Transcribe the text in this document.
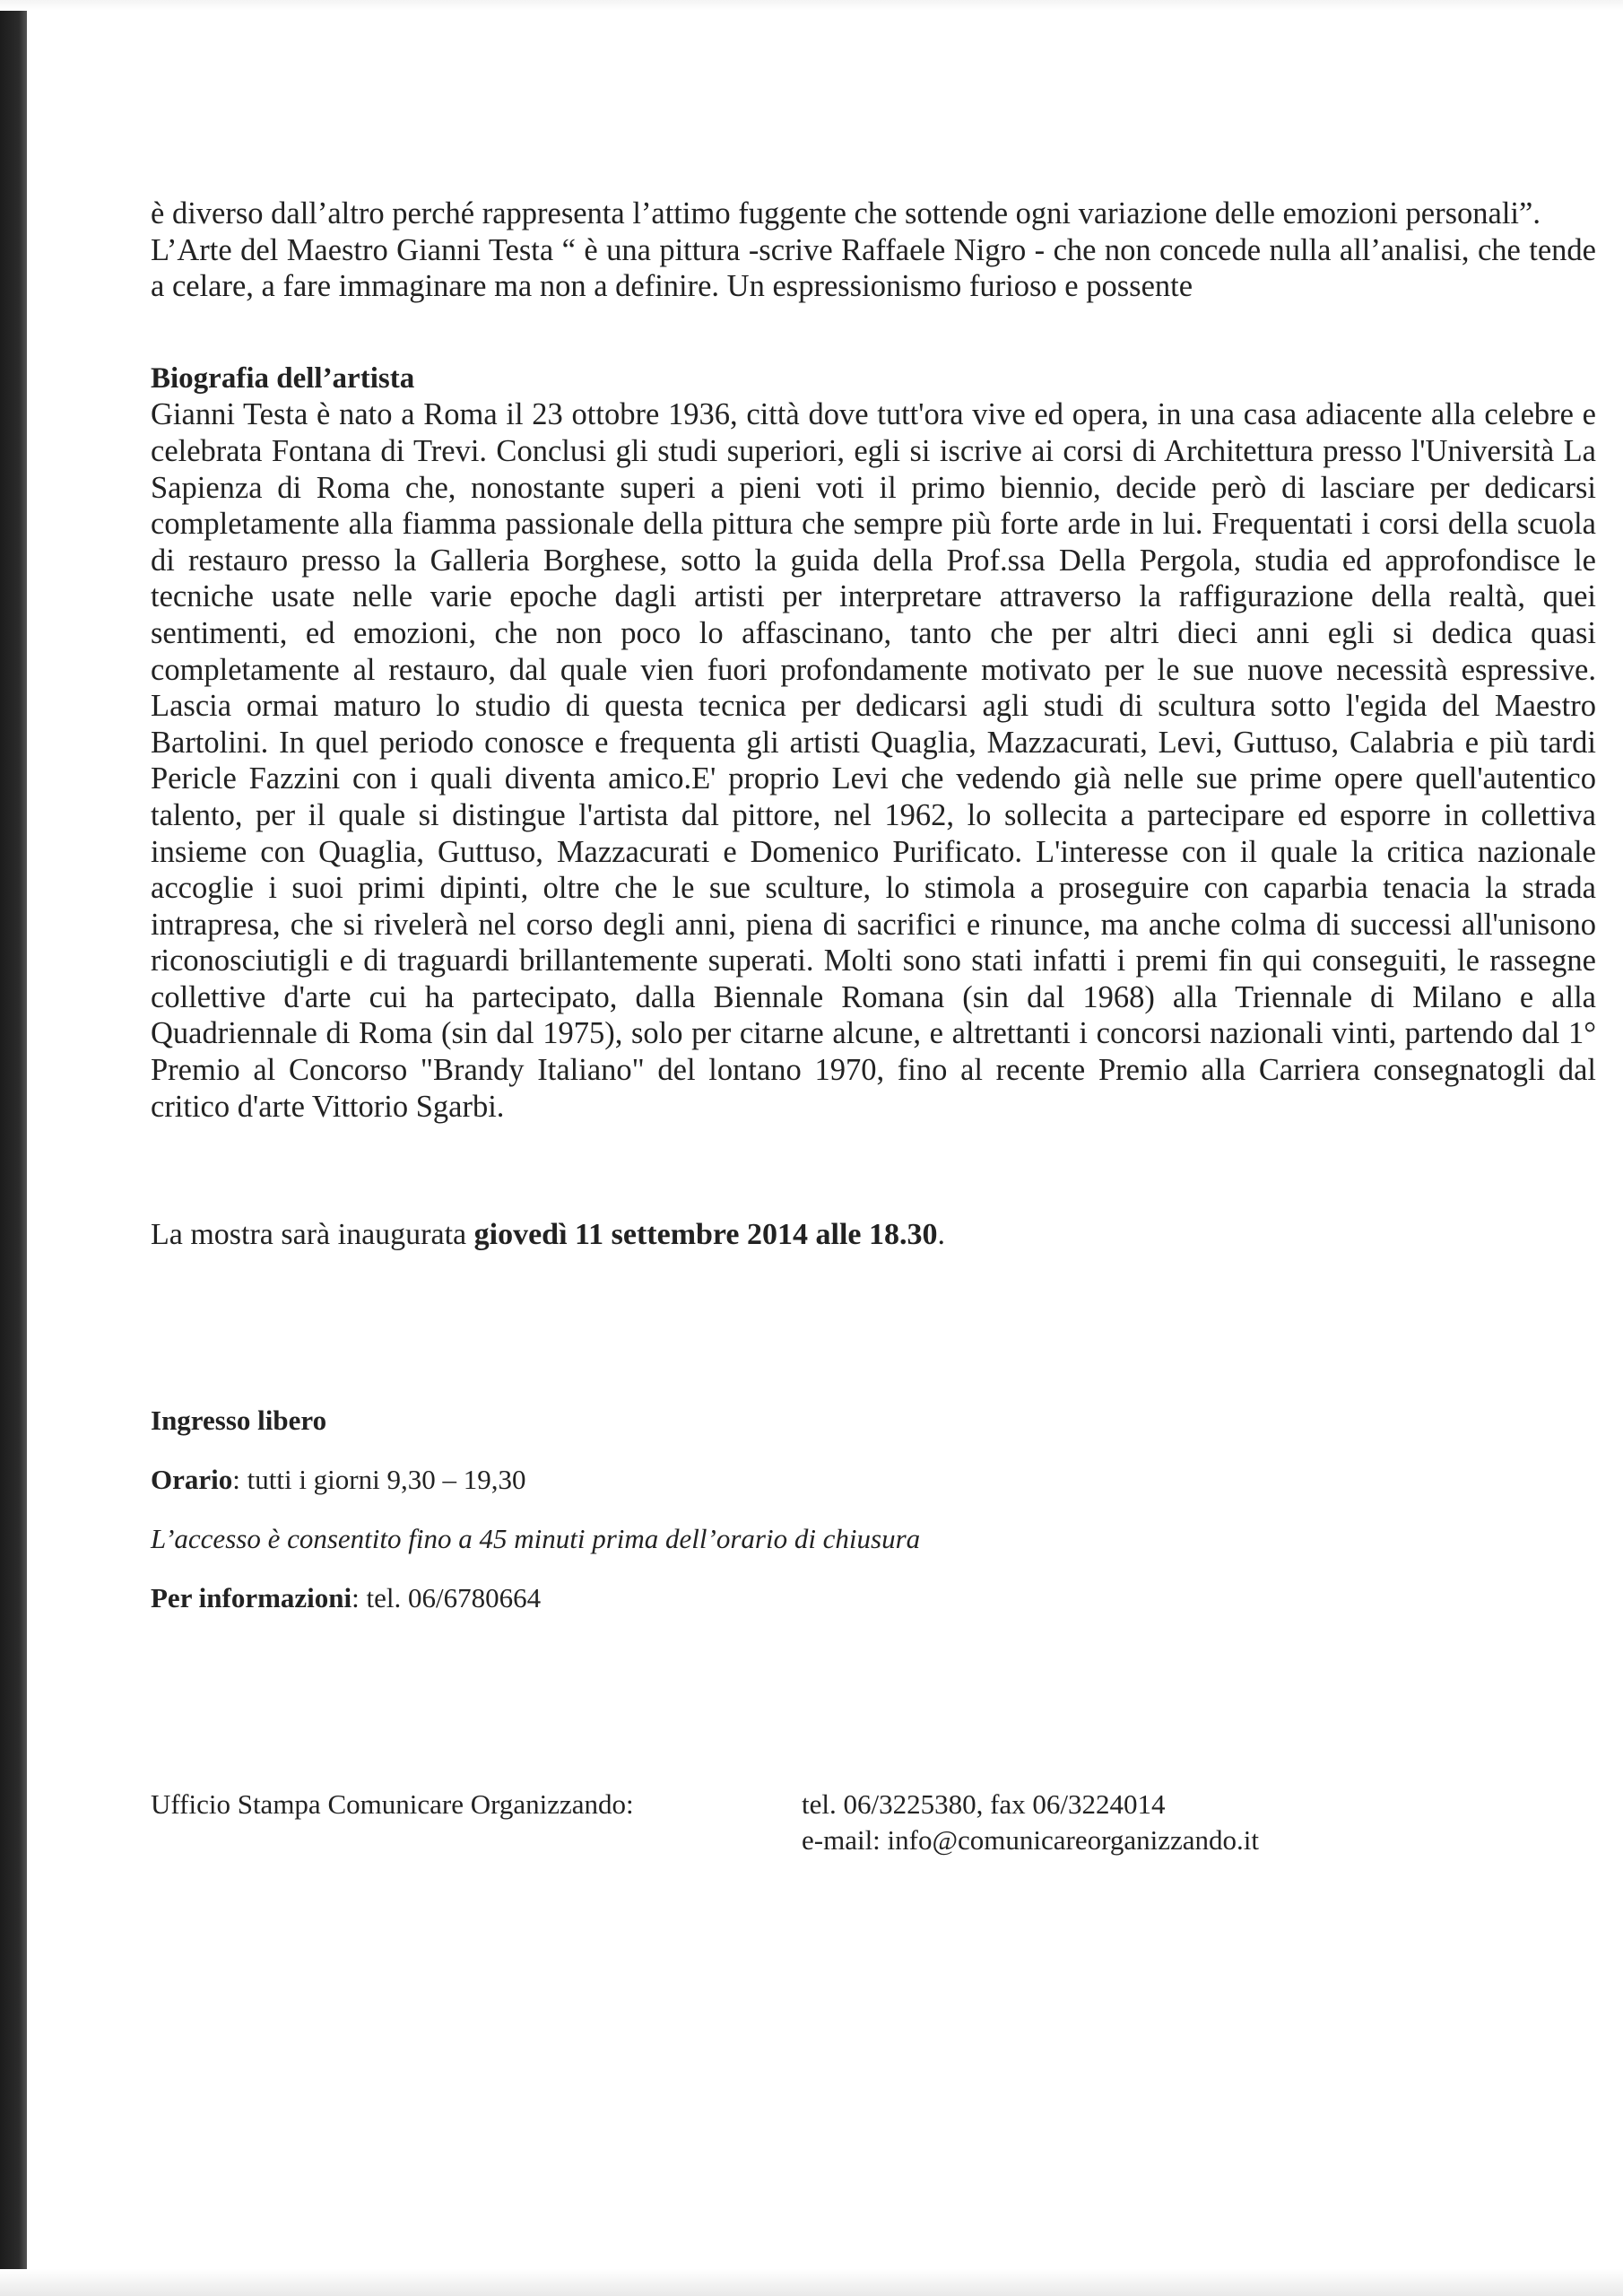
è diverso dall’altro perché rappresenta l’attimo fuggente che sottende ogni variazione delle emozioni personali”.

L’Arte del Maestro Gianni Testa “ è una pittura -scrive Raffaele Nigro - che non concede nulla all’analisi, che tende a celare, a fare immaginare ma non a definire. Un espressionismo furioso e possente

Biografia dell’artista

Gianni Testa è nato a Roma il 23 ottobre 1936, città dove tutt'ora vive ed opera, in una casa adiacente alla celebre e celebrata Fontana di Trevi. Conclusi gli studi superiori, egli si iscrive ai corsi di Architettura presso l'Università La Sapienza di Roma che, nonostante superi a pieni voti il primo biennio, decide però di lasciare per dedicarsi completamente alla fiamma passionale della pittura che sempre più forte arde in lui. Frequentati i corsi della scuola di restauro presso la Galleria Borghese, sotto la guida della Prof.ssa Della Pergola, studia ed approfondisce le tecniche usate nelle varie epoche dagli artisti per interpretare attraverso la raffigurazione della realtà, quei sentimenti, ed emozioni, che non poco lo affascinano, tanto che per altri dieci anni egli si dedica quasi completamente al restauro, dal quale vien fuori profondamente motivato per le sue nuove necessità espressive. Lascia ormai maturo lo studio di questa tecnica per dedicarsi agli studi di scultura sotto l'egida del Maestro Bartolini. In quel periodo conosce e frequenta gli artisti Quaglia, Mazzacurati, Levi, Guttuso, Calabria e più tardi Pericle Fazzini con i quali diventa amico.E' proprio Levi che vedendo già nelle sue prime opere quell'autentico talento, per il quale si distingue l'artista dal pittore, nel 1962, lo sollecita a partecipare ed esporre in collettiva insieme con Quaglia, Guttuso, Mazzacurati e Domenico Purificato. L'interesse con il quale la critica nazionale accoglie i suoi primi dipinti, oltre che le sue sculture, lo stimola a proseguire con caparbia tenacia la strada intrapresa, che si rivelerà nel corso degli anni, piena di sacrifici e rinunce, ma anche colma di successi all'unisono riconosciutigli e di traguardi brillantemente superati. Molti sono stati infatti i premi fin qui conseguiti, le rassegne collettive d'arte cui ha partecipato, dalla Biennale Romana (sin dal 1968) alla Triennale di Milano e alla Quadriennale di Roma (sin dal 1975), solo per citarne alcune, e altrettanti i concorsi nazionali vinti, partendo dal 1° Premio al Concorso "Brandy Italiano" del lontano 1970, fino al recente Premio alla Carriera consegnatogli dal critico d'arte Vittorio Sgarbi.

La mostra sarà inaugurata giovedì 11 settembre 2014 alle 18.30.

Ingresso libero

Orario: tutti i giorni 9,30 – 19,30

L’accesso è consentito fino a 45 minuti prima dell’orario di chiusura

Per informazioni: tel. 06/6780664

Ufficio Stampa Comunicare Organizzando:	tel. 06/3225380, fax 06/3224014
e-mail: info@comunicareorganizzando.it
